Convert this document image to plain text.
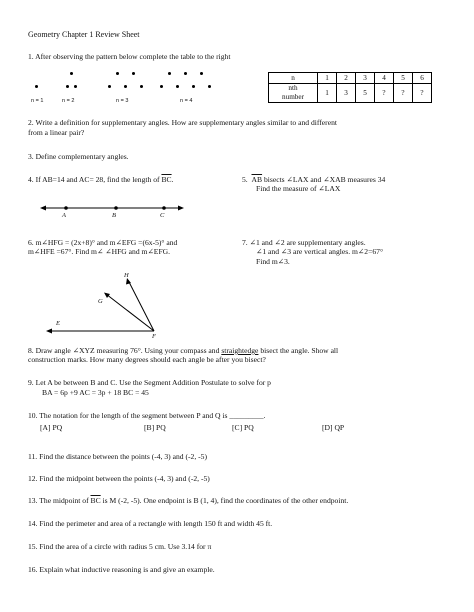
Geometry Chapter 1 Review Sheet
1. After observing the pattern below complete the table to the right
n = 1	n = 2	n = 3	n = 4
n	1	2	3	4	5	6

nth
number	1	3	5	?	?	?
2. Write a definition for supplementary angles. How are supplementary angles similar to and different
from a linear pair?
3. Define complementary angles.
4. If AB=14 and AC= 28, find the length of $\overline{BC}$.	5. $\overline{AB}$ bisects ∠LAX and ∠XAB measures 34
Find the measure of ∠LAX
A	B	C
6. m∠HFG = (2x+8)° and m∠EFG =(6x-5)° and
m∠HFE =67°. Find m∠ ∠HFG and m∠EFG.
H
G
E
F
7. ∠1 and ∠2 are supplementary angles.
∠1 and ∠3 are vertical angles. m∠2=67°
Find m∠3.
8. Draw angle ∠XYZ measuring 76°. Using your compass and straightedge bisect the angle. Show all
construction marks. How many degrees should each angle be after you bisect?
9. Let A be between B and C. Use the Segment Addition Postulate to solve for p
BA = 6p +9 AC = 3p + 18 BC = 45
10. The notation for the length of the segment between P and Q is _________.
[A] PQ	[B] PQ	[C] PQ	[D] QP
11. Find the distance between the points (-4, 3) and (-2, -5)
12. Find the midpoint between the points (-4, 3) and (-2, -5)
13. The midpoint of $\overline{BC}$ is M (-2, -5). One endpoint is B (1, 4), find the coordinates of the other endpoint.
14. Find the perimeter and area of a rectangle with length 150 ft and width 45 ft.
15. Find the area of a circle with radius 5 cm. Use 3.14 for π
16. Explain what inductive reasoning is and give an example.
